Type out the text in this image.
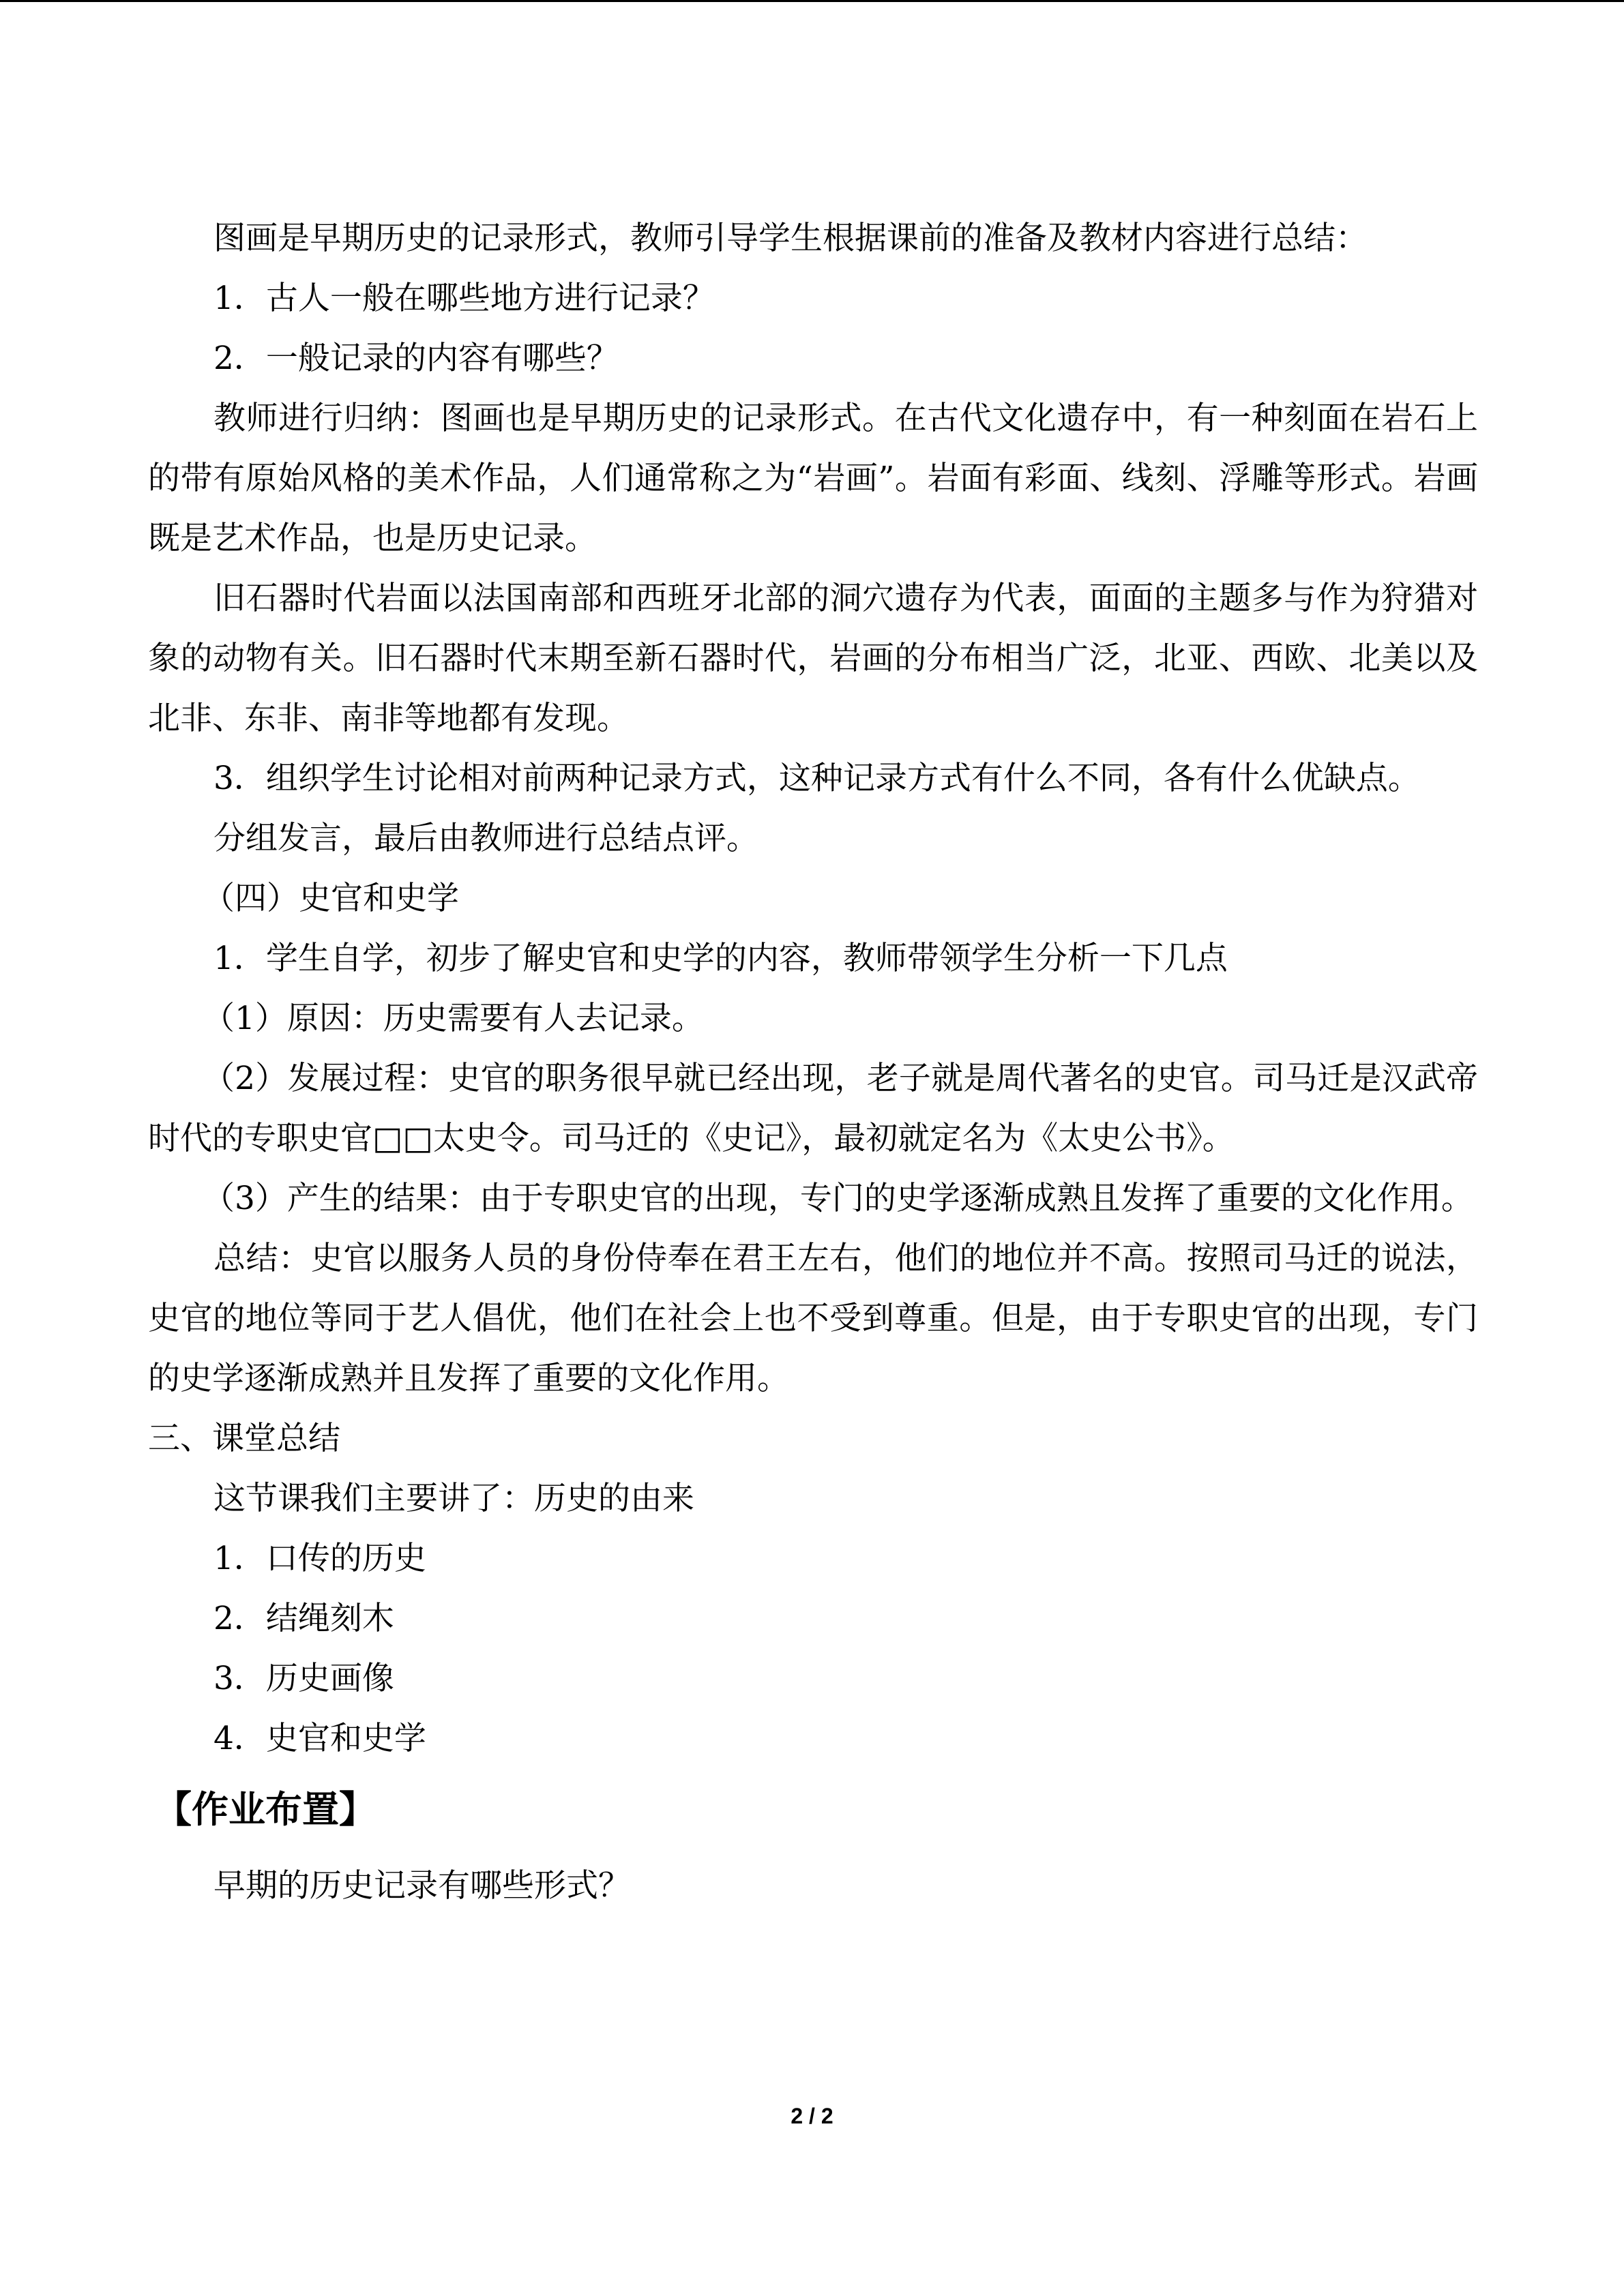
图画是早期历史的记录形式，教师引导学生根据课前的准备及教材内容进行总结：

1．古人一般在哪些地方进行记录？

2．一般记录的内容有哪些？

教师进行归纳：图画也是早期历史的记录形式。在古代文化遗存中，有一种刻面在岩石上的带有原始风格的美术作品，人们通常称之为“岩画”。岩面有彩面、线刻、浮雕等形式。岩画既是艺术作品，也是历史记录。

旧石器时代岩面以法国南部和西班牙北部的洞穴遗存为代表，面面的主题多与作为狩猎对象的动物有关。旧石器时代末期至新石器时代，岩画的分布相当广泛，北亚、西欧、北美以及北非、东非、南非等地都有发现。

3．组织学生讨论相对前两种记录方式，这种记录方式有什么不同，各有什么优缺点。

分组发言，最后由教师进行总结点评。

（四）史官和史学

1．学生自学，初步了解史官和史学的内容，教师带领学生分析一下几点

（1）原因：历史需要有人去记录。

（2）发展过程：史官的职务很早就已经出现，老子就是周代著名的史官。司马迁是汉武帝时代的专职史官□□太史令。司马迁的《史记》，最初就定名为《太史公书》。

（3）产生的结果：由于专职史官的出现，专门的史学逐渐成熟且发挥了重要的文化作用。

总结：史官以服务人员的身份侍奉在君王左右，他们的地位并不高。按照司马迁的说法，史官的地位等同于艺人倡优，他们在社会上也不受到尊重。但是，由于专职史官的出现，专门的史学逐渐成熟并且发挥了重要的文化作用。

三、课堂总结

这节课我们主要讲了：历史的由来

1．口传的历史

2．结绳刻木

3．历史画像

4．史官和史学

【作业布置】

早期的历史记录有哪些形式？

2 / 2
